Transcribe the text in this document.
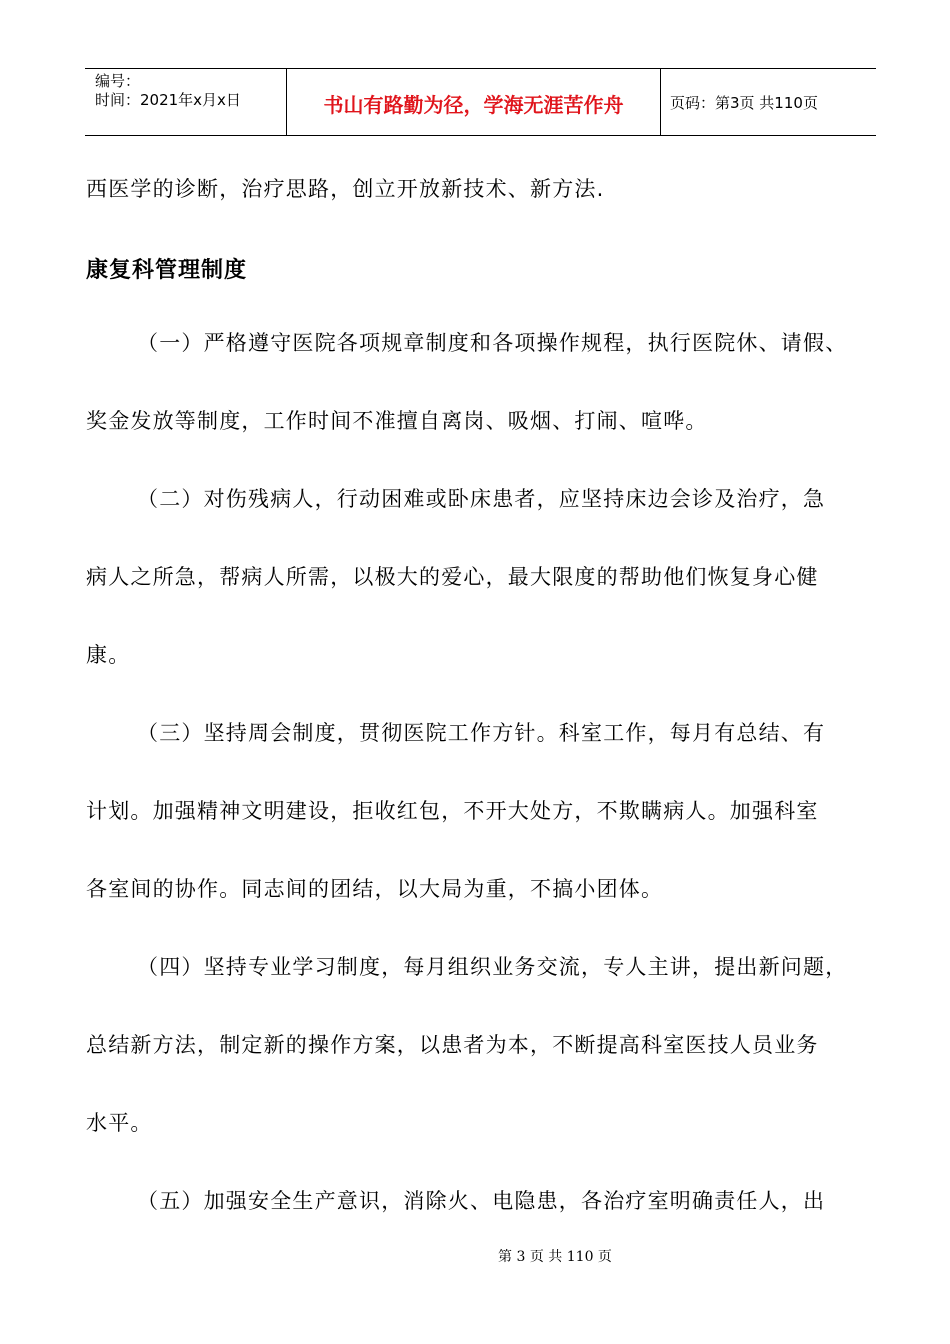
编号：
时间：2021年x月x日	书山有路勤为径，学海无涯苦作舟	页码：第3页 共110页
西医学的诊断，治疗思路，创立开放新技术、新方法.
康复科管理制度
（一）严格遵守医院各项规章制度和各项操作规程，执行医院休、请假、
奖金发放等制度，工作时间不准擅自离岗、吸烟、打闹、喧哗。
（二）对伤残病人，行动困难或卧床患者，应坚持床边会诊及治疗，急
病人之所急，帮病人所需，以极大的爱心，最大限度的帮助他们恢复身心健
康。
（三）坚持周会制度，贯彻医院工作方针。科室工作，每月有总结、有
计划。加强精神文明建设，拒收红包，不开大处方，不欺瞒病人。加强科室
各室间的协作。同志间的团结，以大局为重，不搞小团体。
（四）坚持专业学习制度，每月组织业务交流，专人主讲，提出新问题，
总结新方法，制定新的操作方案，以患者为本，不断提高科室医技人员业务
水平。
（五）加强安全生产意识，消除火、电隐患，各治疗室明确责任人，出
第 3 页 共 110 页
